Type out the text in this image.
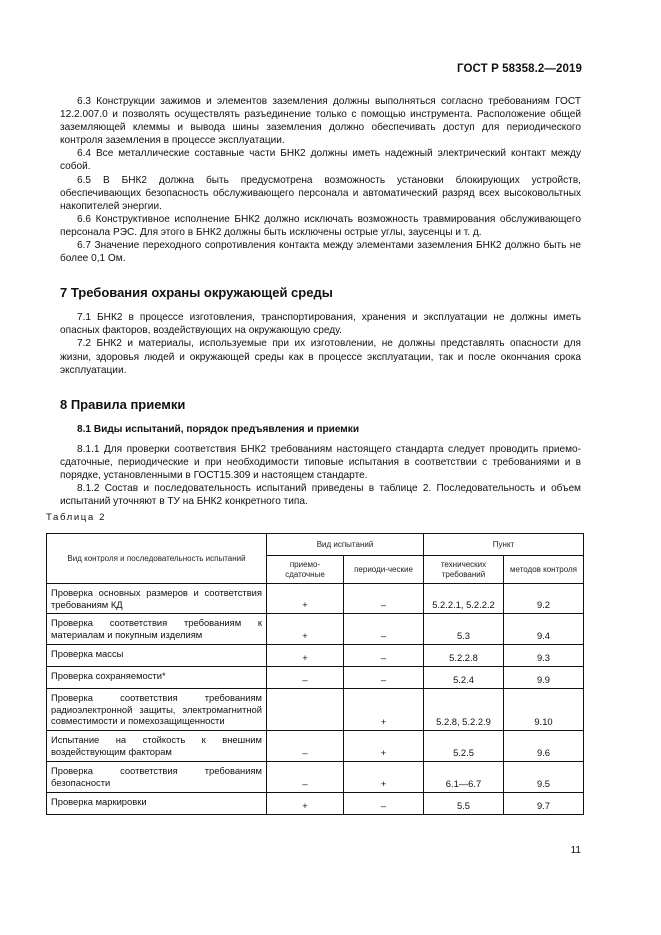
ГОСТ Р 58358.2—2019

6.3 Конструкции зажимов и элементов заземления должны выполняться согласно требованиям ГОСТ 12.2.007.0 и позволять осуществлять разъединение только с помощью инструмента. Расположение общей заземляющей клеммы и вывода шины заземления должно обеспечивать доступ для периодического контроля заземления в процессе эксплуатации.

6.4 Все металлические составные части БНК2 должны иметь надежный электрический контакт между собой.

6.5 В БНК2 должна быть предусмотрена возможность установки блокирующих устройств, обеспечивающих безопасность обслуживающего персонала и автоматический разряд всех высоковольтных накопителей энергии.

6.6 Конструктивное исполнение БНК2 должно исключать возможность травмирования обслуживающего персонала РЭС. Для этого в БНК2 должны быть исключены острые углы, заусенцы и т. д.

6.7 Значение переходного сопротивления контакта между элементами заземления БНК2 должно быть не более 0,1 Ом.

7 Требования охраны окружающей среды

7.1 БНК2 в процессе изготовления, транспортирования, хранения и эксплуатации не должны иметь опасных факторов, воздействующих на окружающую среду.

7.2 БНК2 и материалы, используемые при их изготовлении, не должны представлять опасности для жизни, здоровья людей и окружающей среды как в процессе эксплуатации, так и после окончания срока эксплуатации.

8 Правила приемки
8.1 Виды испытаний, порядок предъявления и приемки

8.1.1 Для проверки соответствия БНК2 требованиям настоящего стандарта следует проводить приемо-сдаточные, периодические и при необходимости типовые испытания в соответствии с требованиями и в порядке, установленными в ГОСТ15.309 и настоящем стандарте.

8.1.2 Состав и последовательность испытаний приведены в таблице 2. Последовательность и объем испытаний уточняют в ТУ на БНК2 конкретного типа.

Таблица 2
Вид контроля и последовательность испытаний	Вид испытаний		Пункт	
	приемо-сдаточные	периоди-ческие	технических требований	методов контроля
Проверка основных размеров и соответствия требованиям КД	+	–	5.2.2.1, 5.2.2.2	9.2
Проверка соответствия требованиям к материалам и покупным изделиям	+	–	5.3	9.4
Проверка массы	+	–	5.2.2.8	9.3
Проверка сохраняемости*	–	–	5.2.4	9.9
Проверка соответствия требованиям радиоэлектронной защиты, электромагнитной совместимости и помехозащищенности		+	5.2.8, 5.2.2.9	9.10
Испытание на стойкость к внешним воздействующим факторам	–	+	5.2.5	9.6
Проверка соответствия требованиям безопасности	–	+	6.1—6.7	9.5
Проверка маркировки	+	–	5.5	9.7
11
